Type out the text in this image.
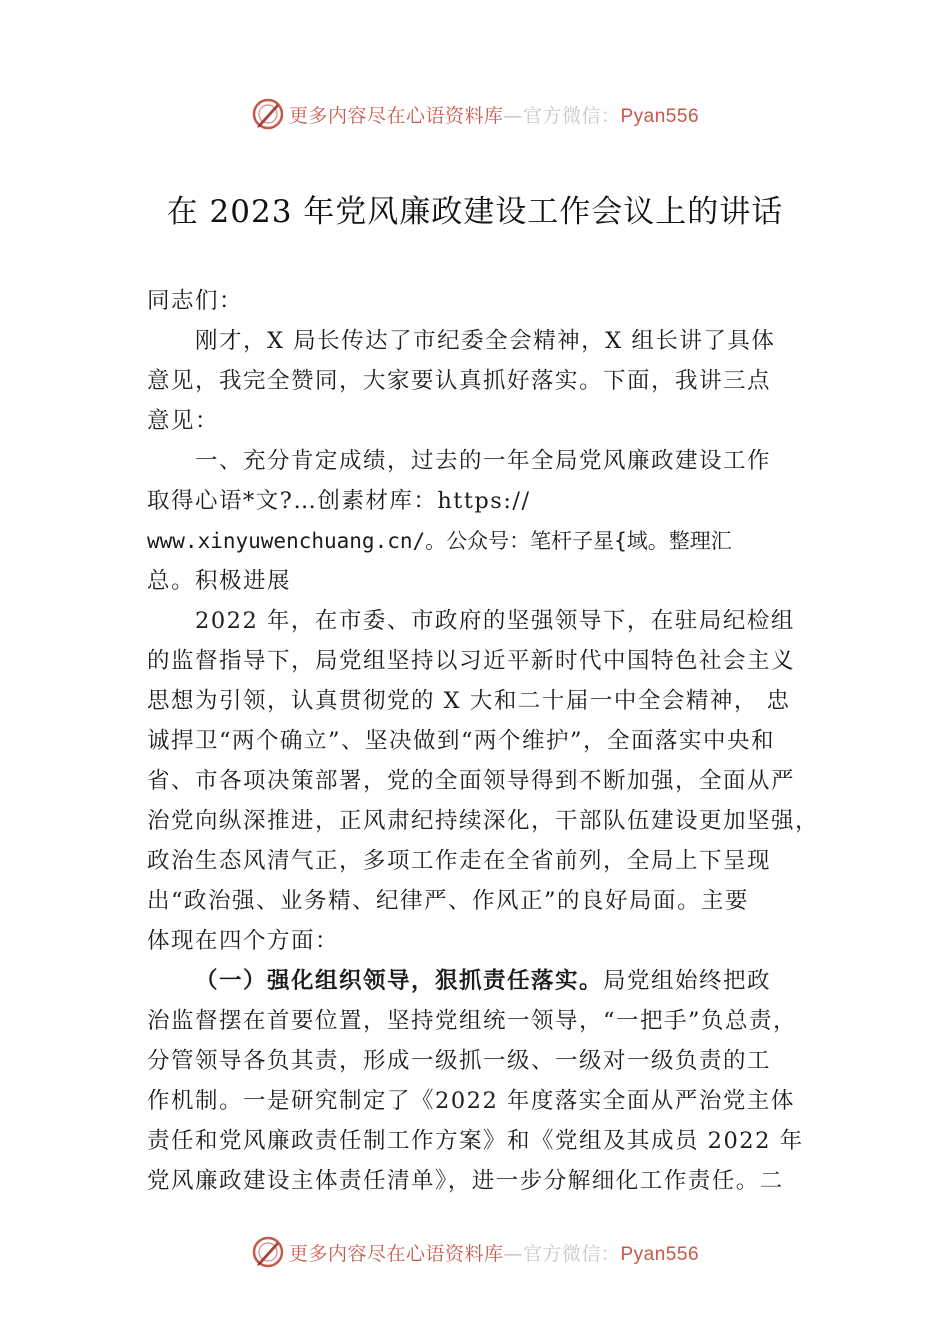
更多内容尽在心语资料库—官方微信：Pyan556
在 2023 年党风廉政建设工作会议上的讲话
同志们：
刚才，X 局长传达了市纪委全会精神，X 组长讲了具体
意见，我完全赞同，大家要认真抓好落实。下面，我讲三点
意见：
一、充分肯定成绩，过去的一年全局党风廉政建设工作
取得心语*文?…创素材库：https://
www.xinyuwenchuang.cn/。公众号：笔杆子星{域。整理汇
总。积极进展
2022 年，在市委、市政府的坚强领导下，在驻局纪检组
的监督指导下，局党组坚持以习近平新时代中国特色社会主义
思想为引领，认真贯彻党的 X 大和二十届一中全会精神， 忠
诚捍卫“两个确立”、坚决做到“两个维护”，全面落实中央和
省、市各项决策部署，党的全面领导得到不断加强，全面从严
治党向纵深推进，正风肃纪持续深化，干部队伍建设更加坚强，
政治生态风清气正，多项工作走在全省前列，全局上下呈现
出“政治强、业务精、纪律严、作风正”的良好局面。主要
体现在四个方面：
（一）强化组织领导，狠抓责任落实。局党组始终把政
治监督摆在首要位置，坚持党组统一领导，“一把手”负总责，
分管领导各负其责，形成一级抓一级、一级对一级负责的工
作机制。一是研究制定了《2022 年度落实全面从严治党主体
责任和党风廉政责任制工作方案》和《党组及其成员 2022 年
党风廉政建设主体责任清单》，进一步分解细化工作责任。二
更多内容尽在心语资料库—官方微信：Pyan556
